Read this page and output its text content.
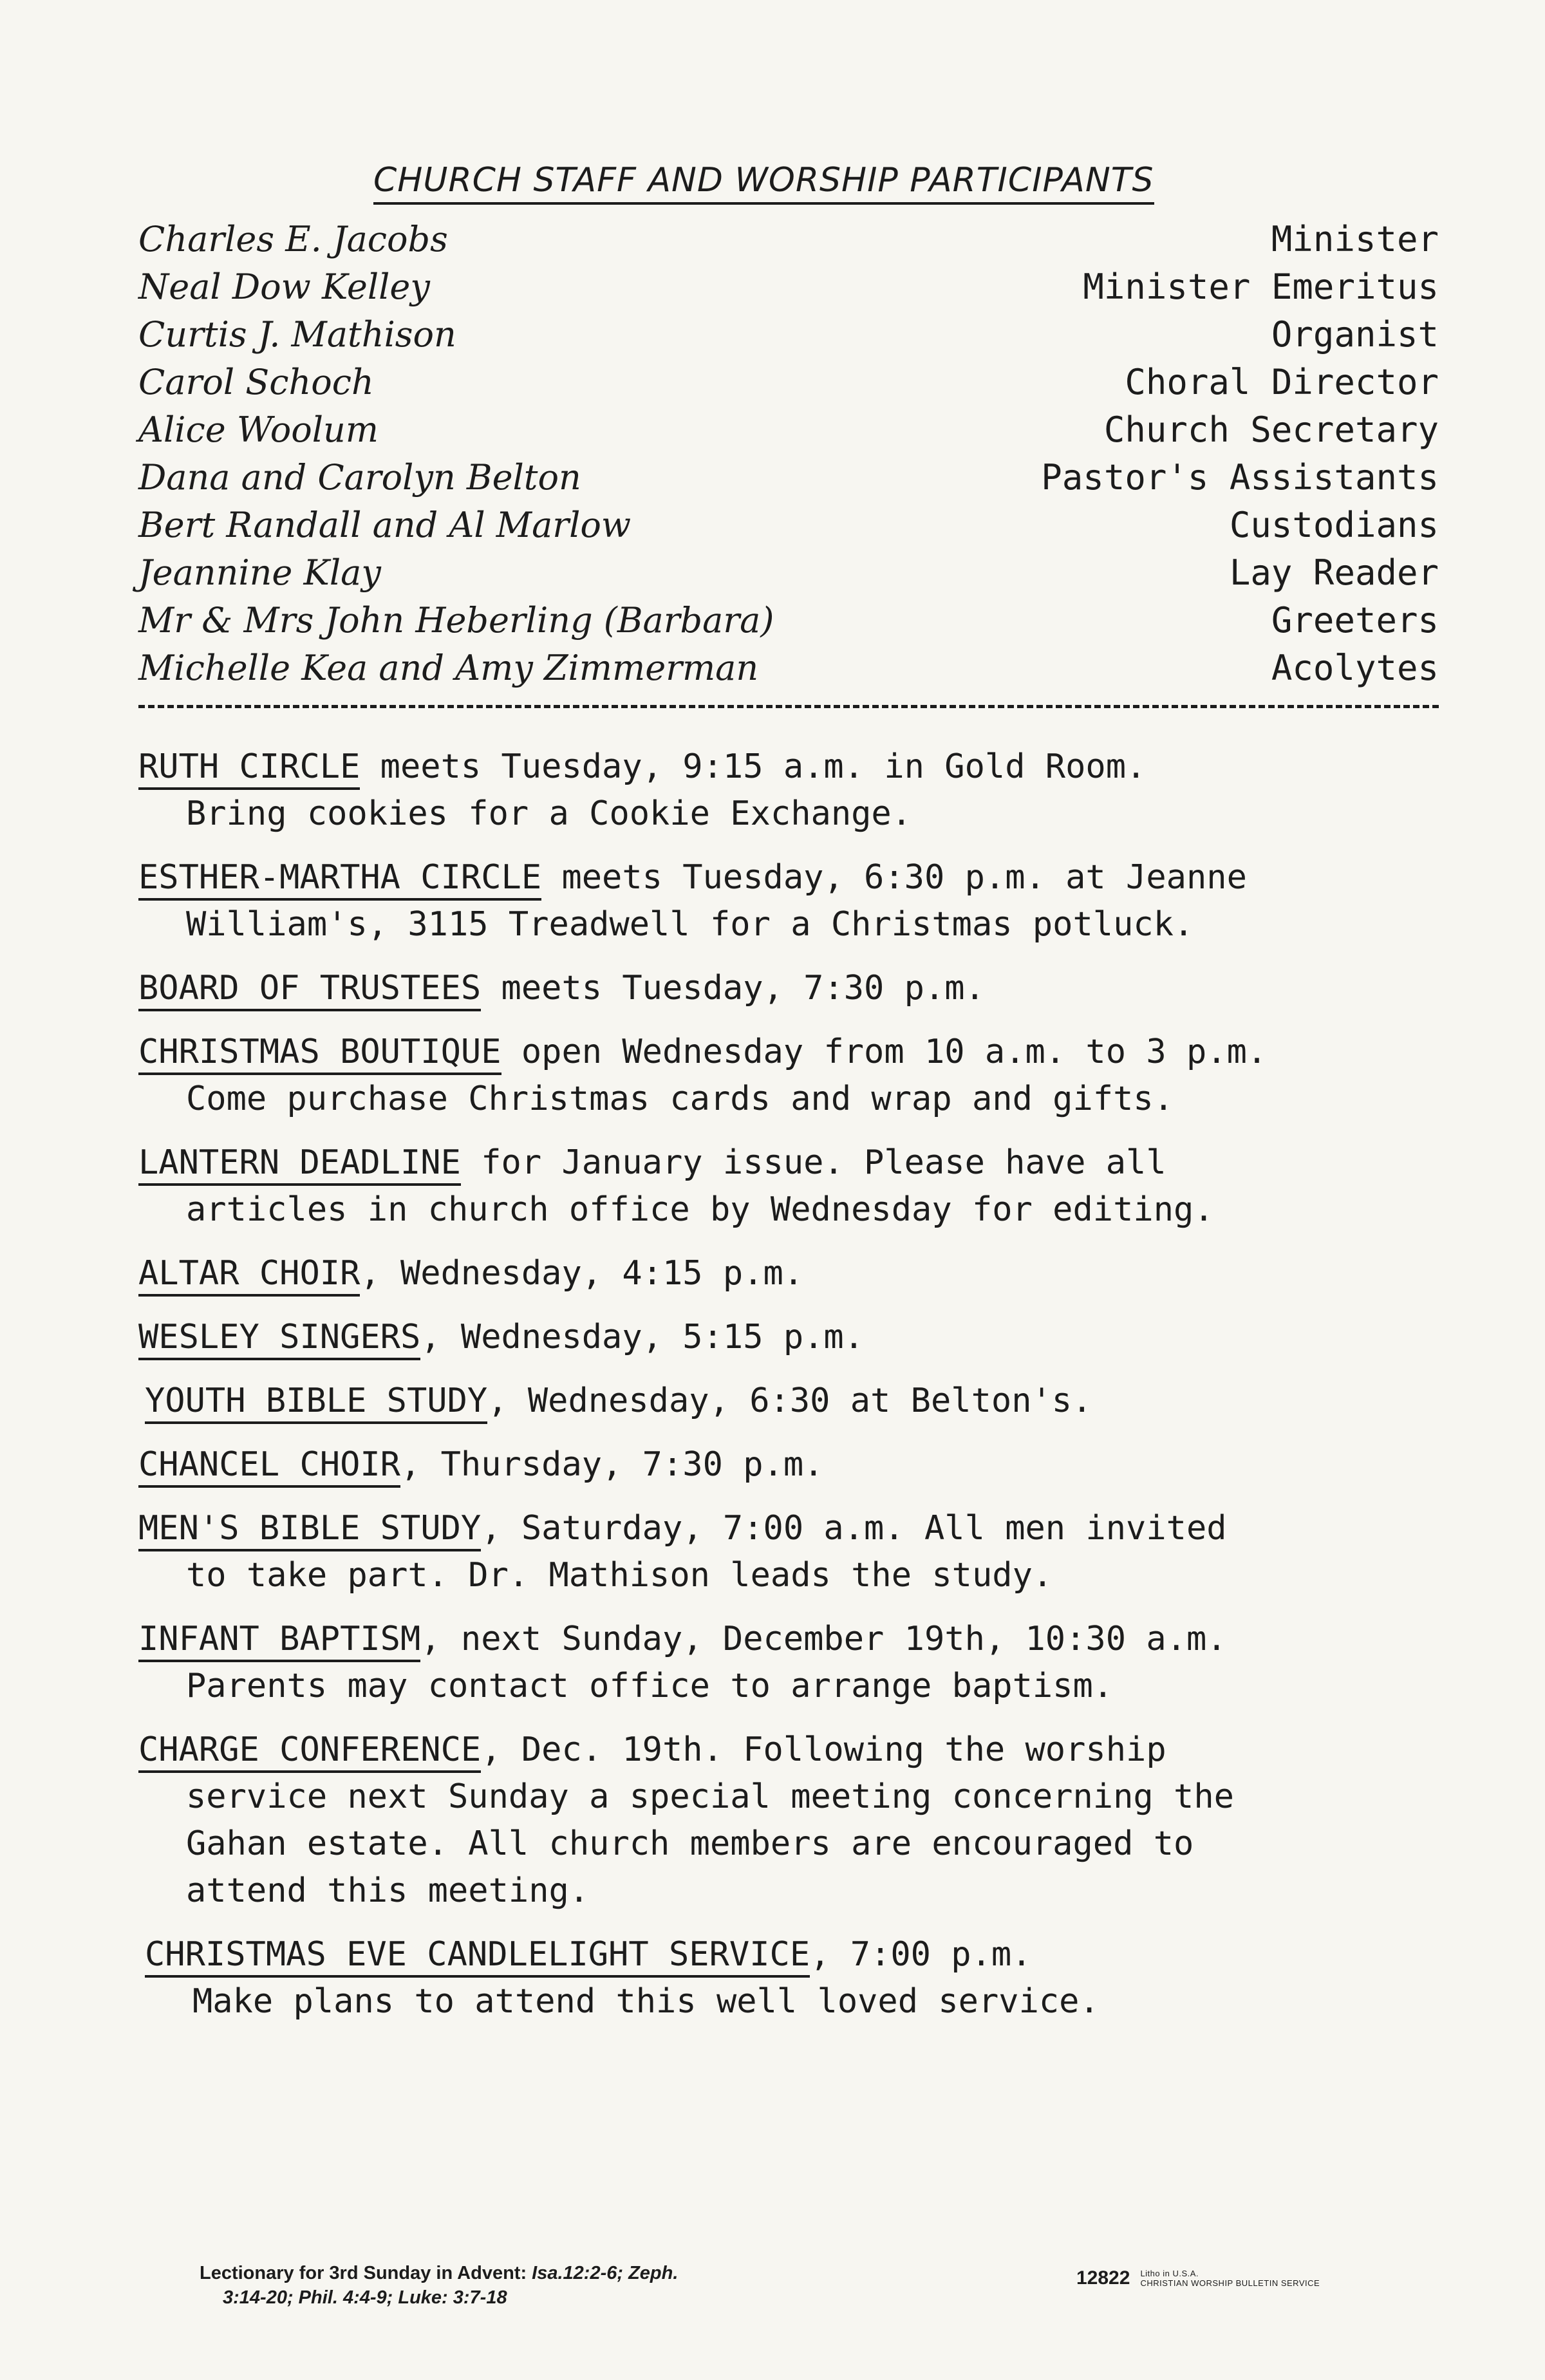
CHURCH STAFF AND WORSHIP PARTICIPANTS
Charles E. Jacobs	Minister
Neal Dow Kelley	Minister Emeritus
Curtis J. Mathison	Organist
Carol Schoch	Choral Director
Alice Woolum	Church Secretary
Dana and Carolyn Belton	Pastor's Assistants
Bert Randall and Al Marlow	Custodians
Jeannine Klay	Lay Reader
Mr & Mrs John Heberling (Barbara)	Greeters
Michelle Kea and Amy Zimmerman	Acolytes

RUTH CIRCLE meets Tuesday, 9:15 a.m. in Gold Room.

Bring cookies for a Cookie Exchange.

ESTHER-MARTHA CIRCLE meets Tuesday, 6:30 p.m. at Jeanne

William's, 3115 Treadwell for a Christmas potluck.

BOARD OF TRUSTEES meets Tuesday, 7:30 p.m.

CHRISTMAS BOUTIQUE open Wednesday from 10 a.m. to 3 p.m.

Come purchase Christmas cards and wrap and gifts.

LANTERN DEADLINE for January issue. Please have all

articles in church office by Wednesday for editing.

ALTAR CHOIR, Wednesday, 4:15 p.m.

WESLEY SINGERS, Wednesday, 5:15 p.m.

YOUTH BIBLE STUDY, Wednesday, 6:30 at Belton's.

CHANCEL CHOIR, Thursday, 7:30 p.m.

MEN'S BIBLE STUDY, Saturday, 7:00 a.m. All men invited

to take part. Dr. Mathison leads the study.

INFANT BAPTISM, next Sunday, December 19th, 10:30 a.m.

Parents may contact office to arrange baptism.

CHARGE CONFERENCE, Dec. 19th. Following the worship

service next Sunday a special meeting concerning the

Gahan estate. All church members are encouraged to

attend this meeting.

CHRISTMAS EVE CANDLELIGHT SERVICE, 7:00 p.m.

Make plans to attend this well loved service.

Lectionary for 3rd Sunday in Advent: Isa.12:2-6; Zeph.
3:14-20; Phil. 4:4-9; Luke: 3:7-18
12822 Litho in U.S.A.
CHRISTIAN WORSHIP BULLETIN SERVICE
